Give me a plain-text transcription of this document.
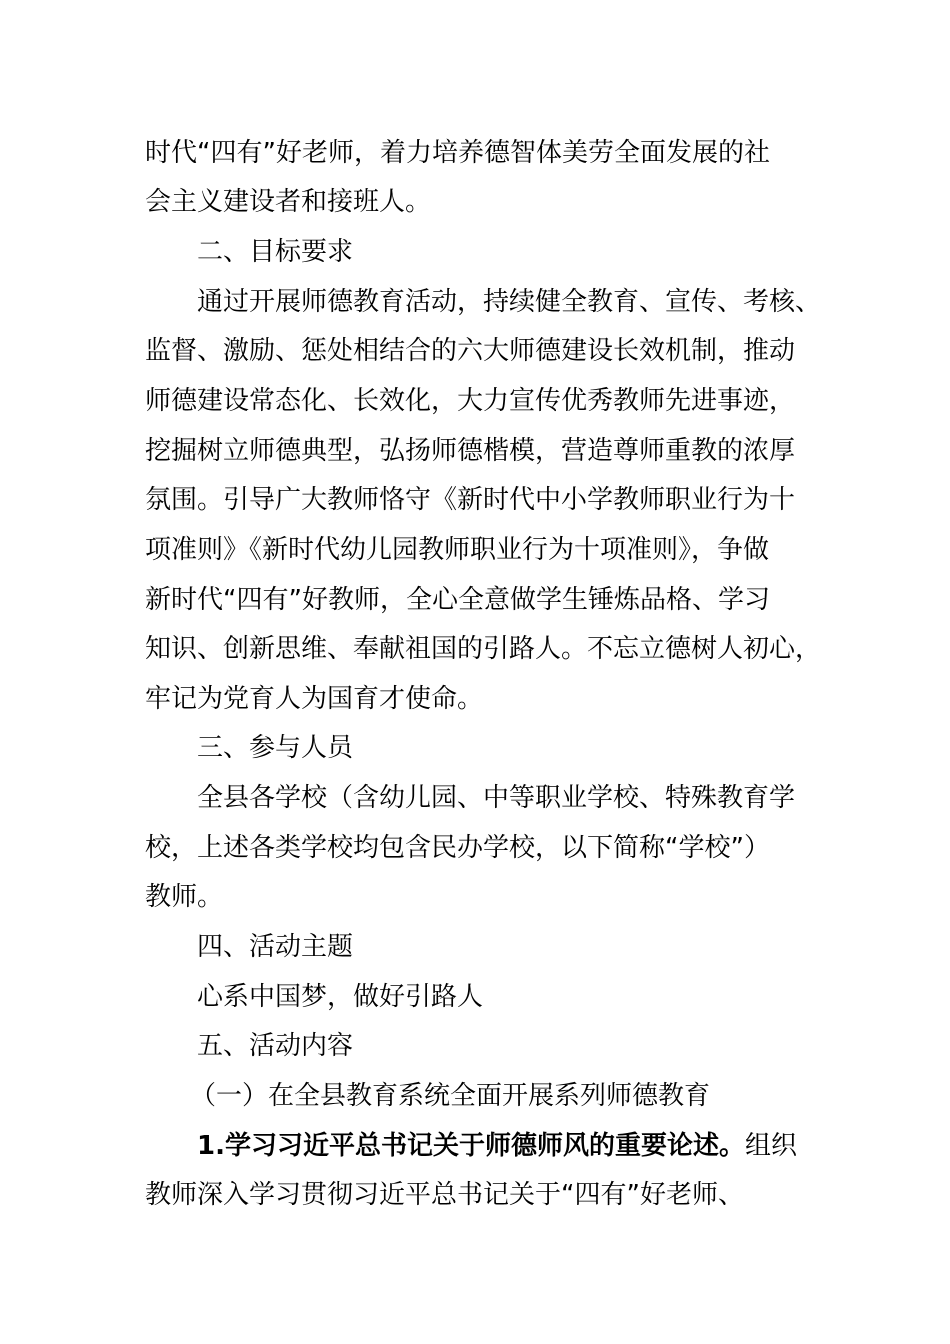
时代“四有”好老师，着力培养德智体美劳全面发展的社
会主义建设者和接班人。
二、目标要求
通过开展师德教育活动，持续健全教育、宣传、考核、
监督、激励、惩处相结合的六大师德建设长效机制，推动
师德建设常态化、长效化，大力宣传优秀教师先进事迹，
挖掘树立师德典型，弘扬师德楷模，营造尊师重教的浓厚
氛围。引导广大教师恪守《新时代中小学教师职业行为十
项准则》《新时代幼儿园教师职业行为十项准则》，争做
新时代“四有”好教师，全心全意做学生锤炼品格、学习
知识、创新思维、奉献祖国的引路人。不忘立德树人初心，
牢记为党育人为国育才使命。
三、参与人员
全县各学校（含幼儿园、中等职业学校、特殊教育学
校，上述各类学校均包含民办学校，以下简称“学校”）
教师。
四、活动主题
心系中国梦，做好引路人
五、活动内容
（一）在全县教育系统全面开展系列师德教育
1.学习习近平总书记关于师德师风的重要论述。组织
教师深入学习贯彻习近平总书记关于“四有”好老师、
